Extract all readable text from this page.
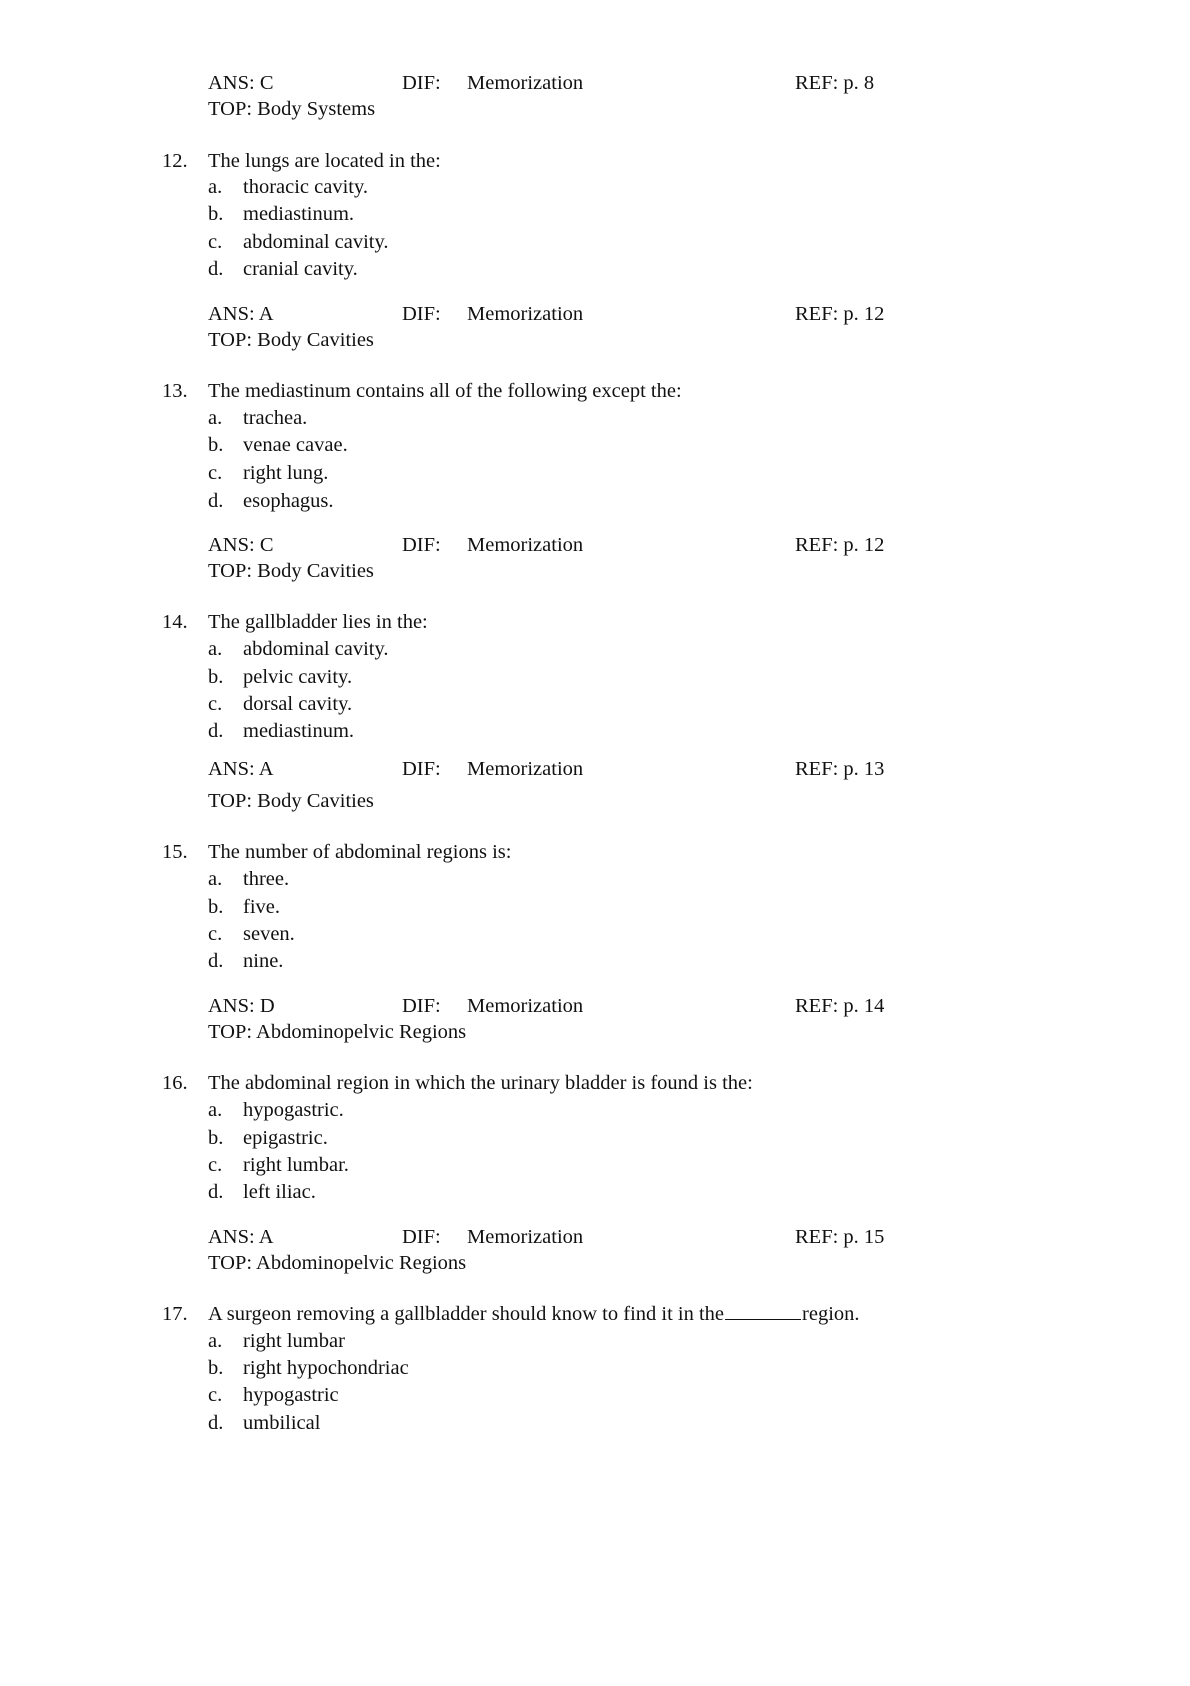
ANS: C	DIF: Memorization	REF: p. 8
TOP: Body Systems
12. The lungs are located in the:
a. thoracic cavity.
b. mediastinum.
c. abdominal cavity.
d. cranial cavity.
ANS: A	DIF: Memorization	REF: p. 12
TOP: Body Cavities
13. The mediastinum contains all of the following except the:
a. trachea.
b. venae cavae.
c. right lung.
d. esophagus.
ANS: C	DIF: Memorization	REF: p. 12
TOP: Body Cavities
14. The gallbladder lies in the:
a. abdominal cavity.
b. pelvic cavity.
c. dorsal cavity.
d. mediastinum.
ANS: A	DIF: Memorization	REF: p. 13
TOP: Body Cavities
15. The number of abdominal regions is:
a. three.
b. five.
c. seven.
d. nine.
ANS: D	DIF: Memorization	REF: p. 14
TOP: Abdominopelvic Regions
16. The abdominal region in which the urinary bladder is found is the:
a. hypogastric.
b. epigastric.
c. right lumbar.
d. left iliac.
ANS: A	DIF: Memorization	REF: p. 15
TOP: Abdominopelvic Regions
17. A surgeon removing a gallbladder should know to find it in the	region.
a. right lumbar
b. right hypochondriac
c. hypogastric
d. umbilical
